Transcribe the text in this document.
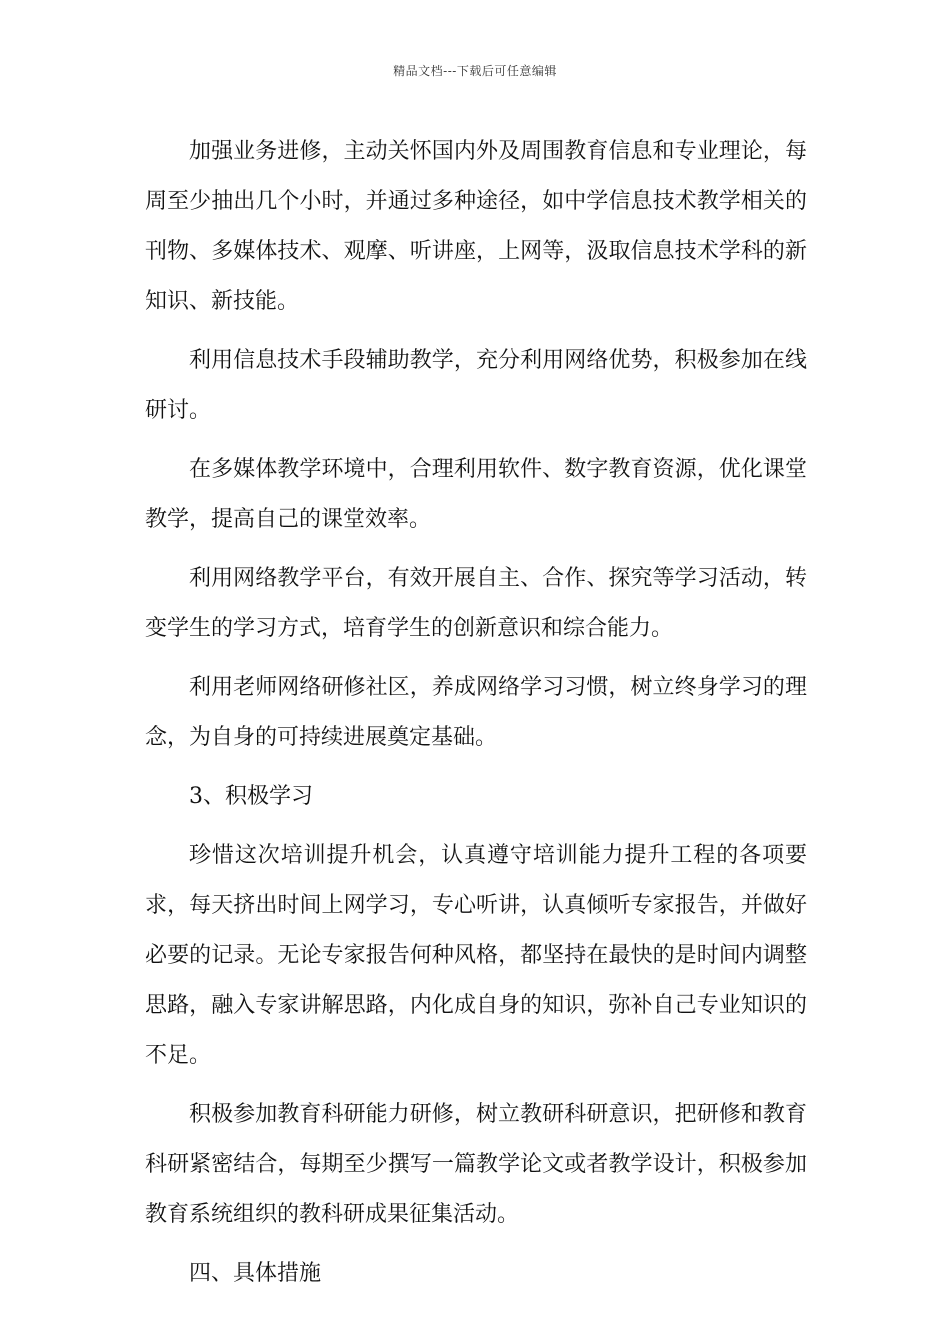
精品文档---下载后可任意编辑

加强业务进修，主动关怀国内外及周围教育信息和专业理论，每周至少抽出几个小时，并通过多种途径，如中学信息技术教学相关的刊物、多媒体技术、观摩、听讲座，上网等，汲取信息技术学科的新知识、新技能。

利用信息技术手段辅助教学，充分利用网络优势，积极参加在线研讨。

在多媒体教学环境中，合理利用软件、数字教育资源，优化课堂教学，提高自己的课堂效率。

利用网络教学平台，有效开展自主、合作、探究等学习活动，转变学生的学习方式，培育学生的创新意识和综合能力。

利用老师网络研修社区，养成网络学习习惯，树立终身学习的理念，为自身的可持续进展奠定基础。

3、积极学习

珍惜这次培训提升机会，认真遵守培训能力提升工程的各项要求，每天挤出时间上网学习，专心听讲，认真倾听专家报告，并做好必要的记录。无论专家报告何种风格，都坚持在最快的是时间内调整思路，融入专家讲解思路，内化成自身的知识，弥补自己专业知识的不足。

积极参加教育科研能力研修，树立教研科研意识，把研修和教育科研紧密结合，每期至少撰写一篇教学论文或者教学设计，积极参加教育系统组织的教科研成果征集活动。

四、具体措施
